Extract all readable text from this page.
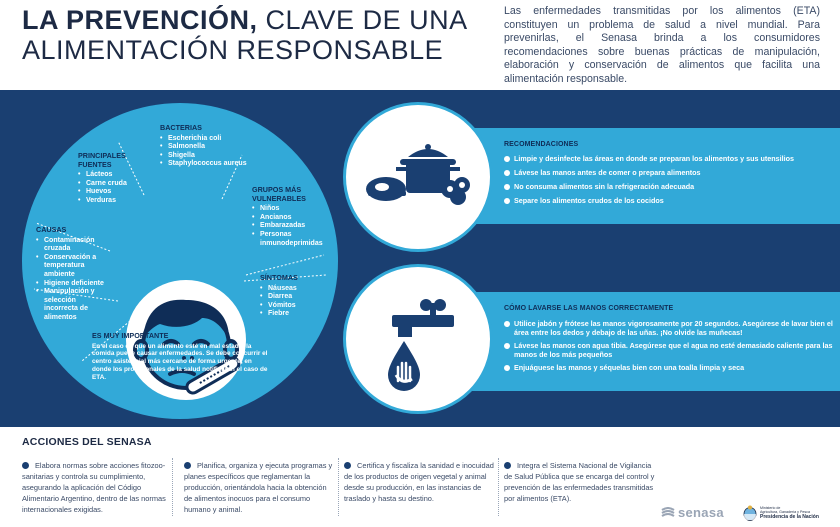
LA PREVENCIÓN, CLAVE DE UNA
ALIMENTACIÓN RESPONSABLE

Las enfermedades transmitidas por los alimentos (ETA) constituyen un problema de salud a nivel mundial. Para prevenirlas, el Senasa brinda a los consumidores recomendaciones sobre buenas prácticas de manipulación, elaboración y conservación de alimentos que facilita una alimentación responsable.

BACTERIAS
• Escherichia coli
• Salmonella
• Shigella
• Staphylococcus aureus
PRINCIPALES FUENTES
• Lácteos
• Carne cruda
• Huevos
• Verduras
GRUPOS MÁS VULNERABLES
• Niños
• Ancianos
• Embarazadas
• Personas inmunodeprimidas
CAUSAS
• Contaminación cruzada
• Conservación a temperatura ambiente
• Higiene deficiente
• Manipulación y selección incorrecta de alimentos
SÍNTOMAS
• Náuseas
• Diarrea
• Vómitos
• Fiebre
ES MUY IMPORTANTE

En el caso de que un alimento esté en mal estado, la comida puede causar enfermedades. Se debe concurrir el centro asistencial más cercano de forma urgente, en donde los profesionales de la salud notificarán el caso de ETA.

RECOMENDACIONES
Limpie y desinfecte las áreas en donde se preparan los alimentos y sus utensilios
Lávese las manos antes de comer o prepara alimentos
No consuma alimentos sin la refrigeración adecuada
Separe los alimentos crudos de los cocidos
CÓMO LAVARSE LAS MANOS CORRECTAMENTE
Utilice jabón y frótese las manos vigorosamente por 20 segundos. Asegúrese de lavar bien el área entre los dedos y debajo de las uñas. ¡No olvide las muñecas!
Lávese las manos con agua tibia. Asegúrese que el agua no esté demasiado caliente para las manos de los más pequeños
Enjuáguese las manos y séquelas bien con una toalla limpia y seca
ACCIONES DEL SENASA

Elabora normas sobre acciones fitozoo-sanitarias y controla su cumplimiento, asegurando la aplicación del Código Alimentario Argentino, dentro de las normas internacionales exigidas.

Planifica, organiza y ejecuta programas y planes específicos que reglamentan la producción, orientándola hacia la obtención de alimentos inocuos para el consumo humano y animal.

Certifica y fiscaliza la sanidad e inocuidad de los productos de origen vegetal y animal desde su producción, en las instancias de traslado y hasta su destino.

Integra el Sistema Nacional de Vigilancia de Salud Pública que se encarga del control y prevención de las enfermedades transmitidas por alimentos (ETA).

senasa	Ministerio de
Agricultura, Ganadería y Pesca
Presidencia de la Nación
